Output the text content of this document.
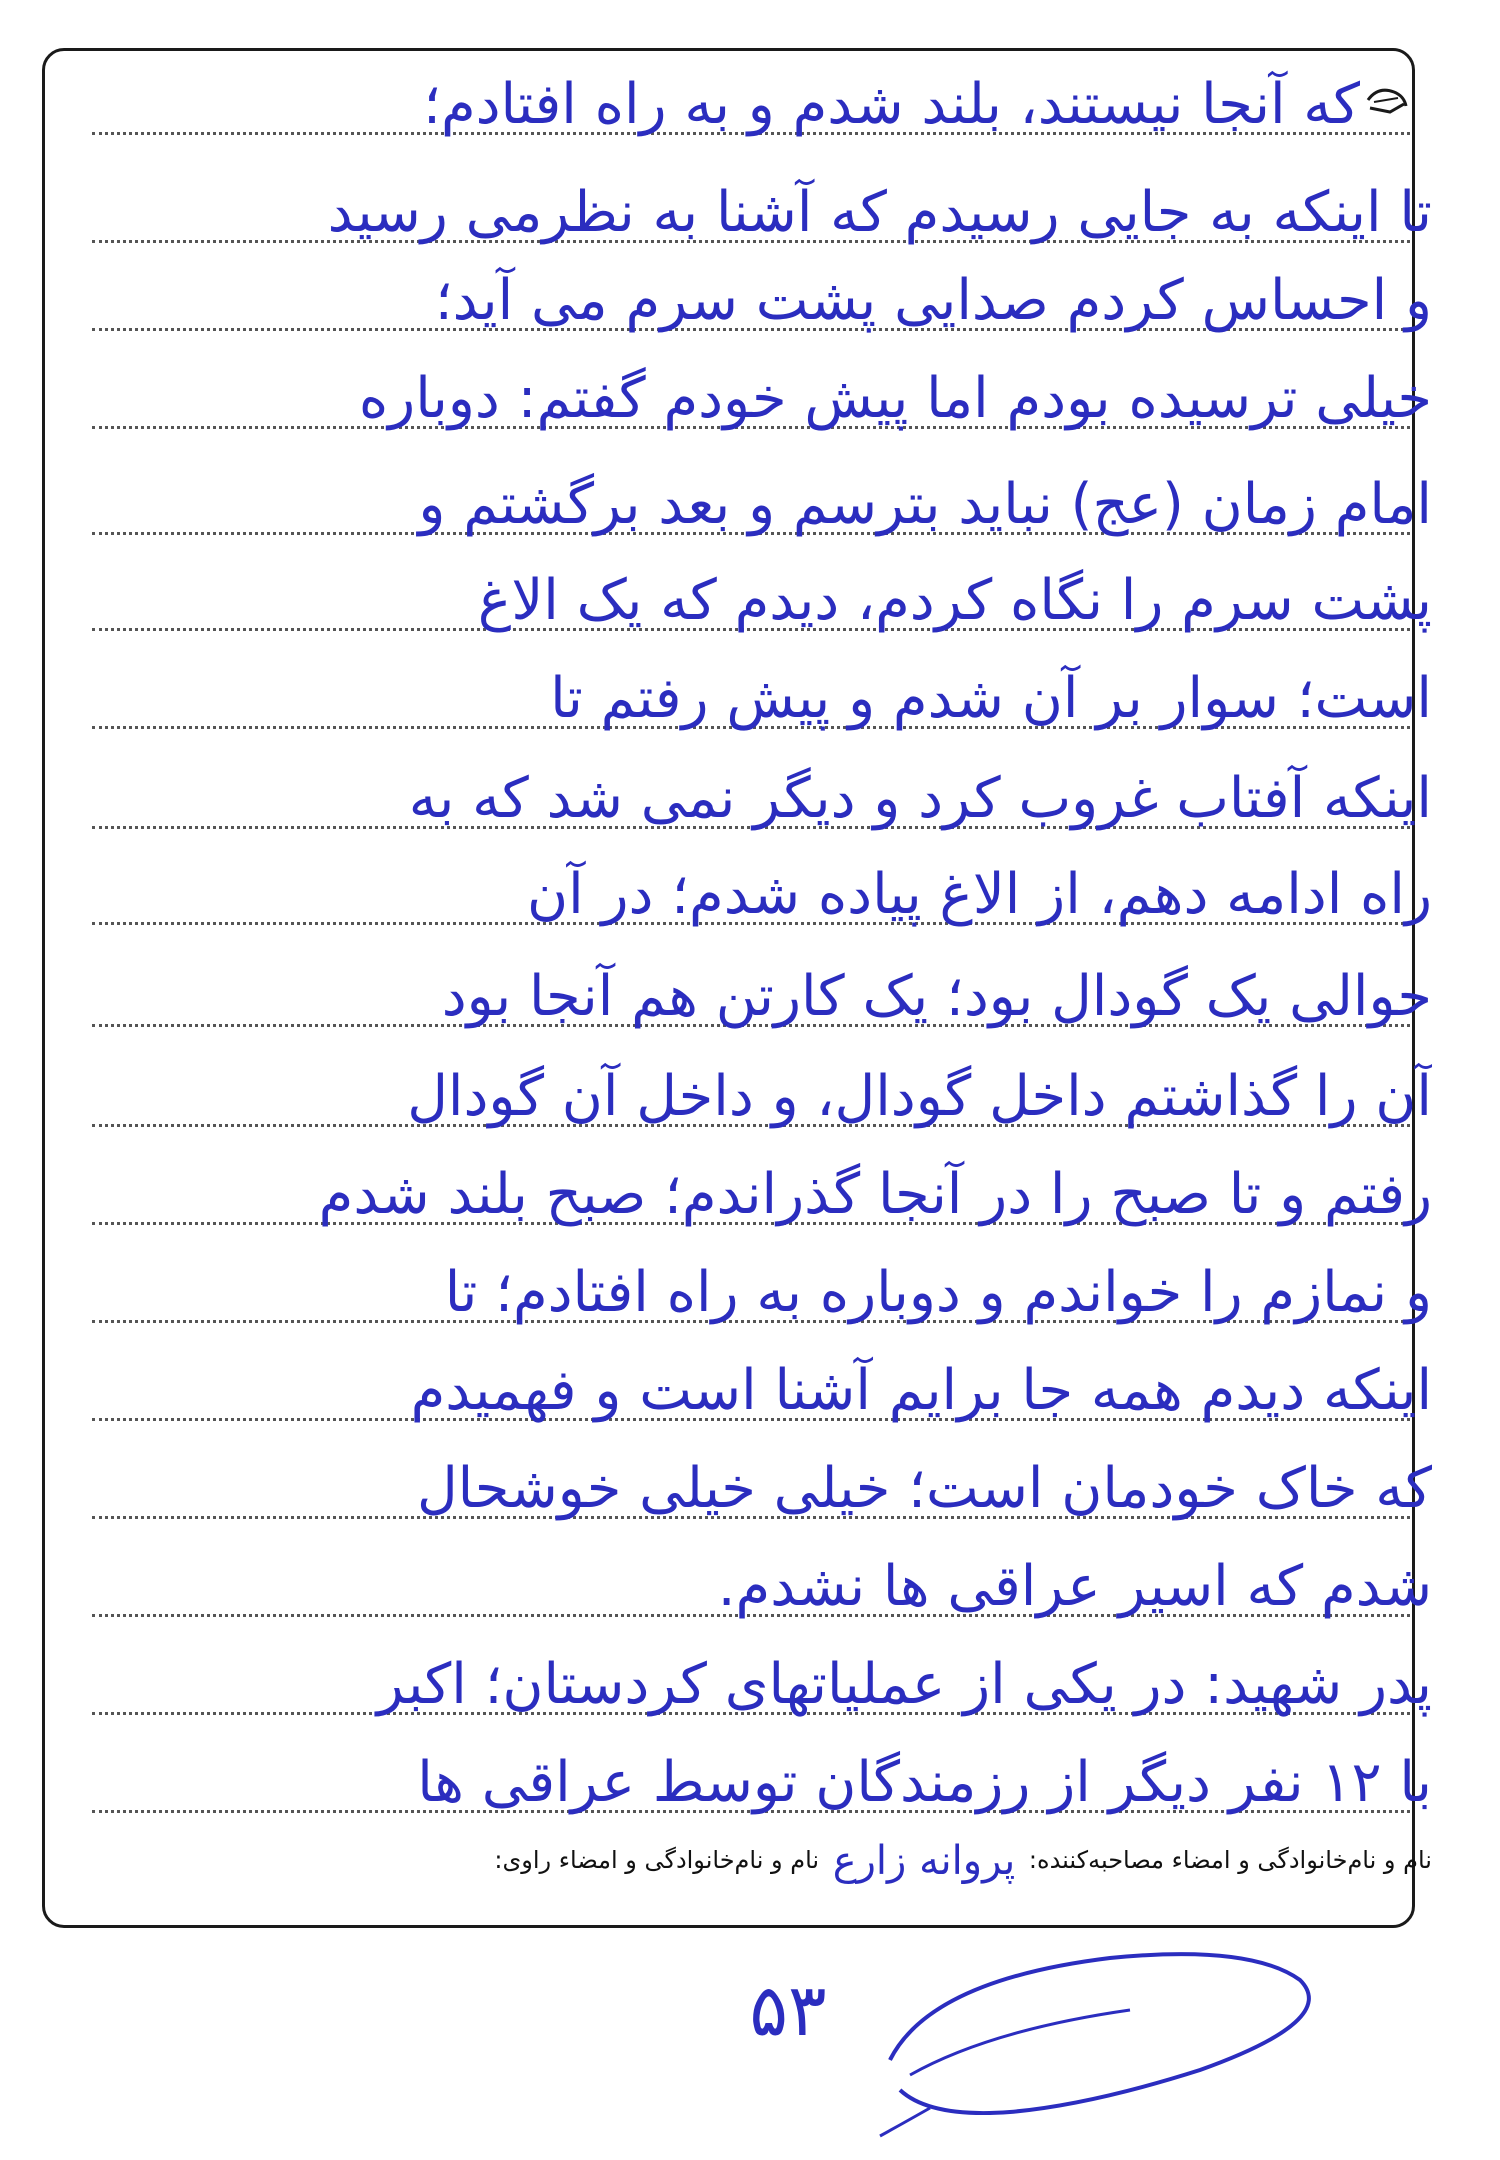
که آنجا نیستند، بلند شدم و به راه افتادم؛
تا اینکه به جایی رسیدم که آشنا به نظرمی رسید
و احساس کردم صدایی پشت سرم می آید؛
خیلی ترسیده بودم اما پیش خودم گفتم: دوباره
امام زمان (عج) نباید بترسم و بعد برگشتم و
پشت سرم را نگاه کردم، دیدم که یک الاغ
است؛ سوار بر آن شدم و پیش رفتم تا
اینکه آفتاب غروب کرد و دیگر نمی شد که به
راه ادامه دهم، از الاغ پیاده شدم؛ در آن
حوالی یک گودال بود؛ یک کارتن هم آنجا بود
آن را گذاشتم داخل گودال، و داخل آن گودال
رفتم و تا صبح را در آنجا گذراندم؛ صبح بلند شدم
و نمازم را خواندم و دوباره به راه افتادم؛ تا
اینکه دیدم همه جا برایم آشنا است و فهمیدم
که خاک خودمان است؛ خیلی خیلی خوشحال
شدم که اسیر عراقی ها نشدم.
پدر شهید: در یکی از عملیاتهای کردستان؛ اکبر
با ۱۲ نفر دیگر از رزمندگان توسط عراقی ها
نام و نام‌خانوادگی و امضاء مصاحبه‌کننده: پروانه زارع نام و نام‌خانوادگی و امضاء راوی:
۵۳
